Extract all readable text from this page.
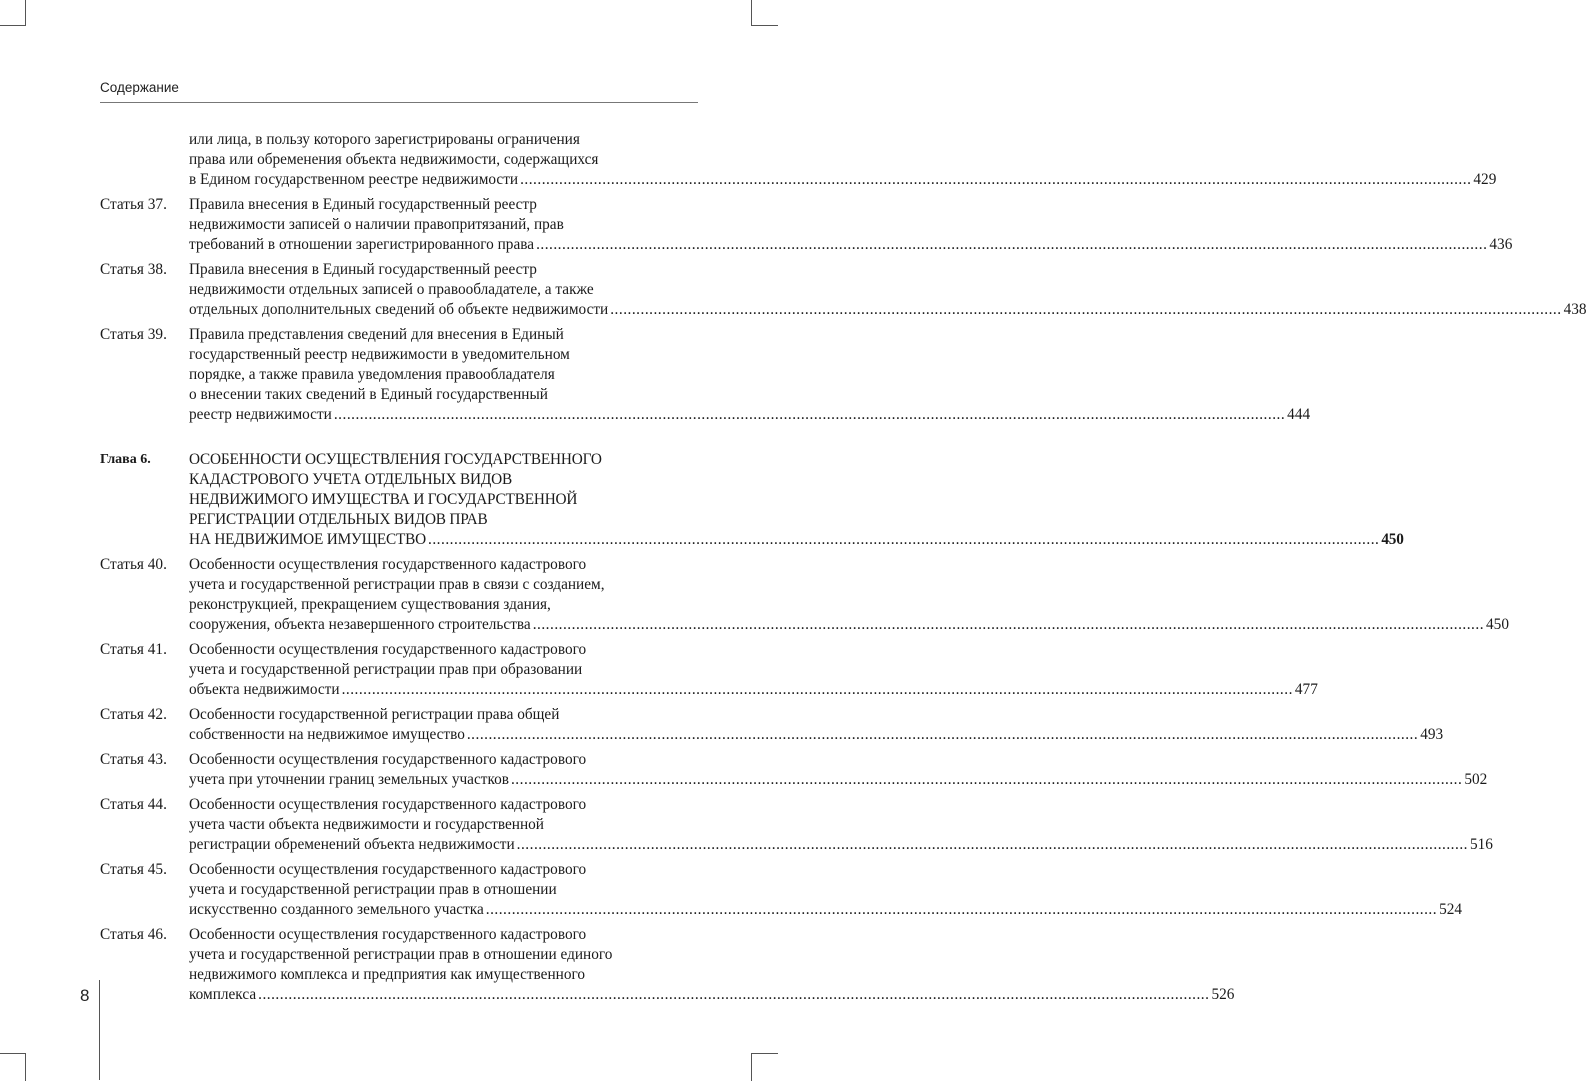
Содержание
или лица, в пользу которого зарегистрированы ограничения
права или обременения объекта недвижимости, содержащихся
в Едином государственном реестре недвижимости .....	429
Статья 37.	Правила внесения в Единый государственный реестр
недвижимости записей о наличии правопритязаний, прав
требований в отношении зарегистрированного права .....	436
Статья 38.	Правила внесения в Единый государственный реестр
недвижимости отдельных записей о правообладателе, а также
отдельных дополнительных сведений об объекте недвижимости .....	438
Статья 39.	Правила представления сведений для внесения в Единый
государственный реестр недвижимости в уведомительном
порядке, а также правила уведомления правообладателя
о внесении таких сведений в Единый государственный
реестр недвижимости .....	444
Глава 6.	ОСОБЕННОСТИ ОСУЩЕСТВЛЕНИЯ ГОСУДАРСТВЕННОГО
КАДАСТРОВОГО УЧЕТА ОТДЕЛЬНЫХ ВИДОВ
НЕДВИЖИМОГО ИМУЩЕСТВА И ГОСУДАРСТВЕННОЙ
РЕГИСТРАЦИИ ОТДЕЛЬНЫХ ВИДОВ ПРАВ
НА НЕДВИЖИМОЕ ИМУЩЕСТВО .....	450
Статья 40.	Особенности осуществления государственного кадастрового
учета и государственной регистрации прав в связи с созданием,
реконструкцией, прекращением существования здания,
сооружения, объекта незавершенного строительства .....	450
Статья 41.	Особенности осуществления государственного кадастрового
учета и государственной регистрации прав при образовании
объекта недвижимости .....	477
Статья 42.	Особенности государственной регистрации права общей
собственности на недвижимое имущество .....	493
Статья 43.	Особенности осуществления государственного кадастрового
учета при уточнении границ земельных участков .....	502
Статья 44.	Особенности осуществления государственного кадастрового
учета части объекта недвижимости и государственной
регистрации обременений объекта недвижимости .....	516
Статья 45.	Особенности осуществления государственного кадастрового
учета и государственной регистрации прав в отношении
искусственно созданного земельного участка .....	524
Статья 46.	Особенности осуществления государственного кадастрового
учета и государственной регистрации прав в отношении единого
недвижимого комплекса и предприятия как имущественного
комплекса .....	526
8
